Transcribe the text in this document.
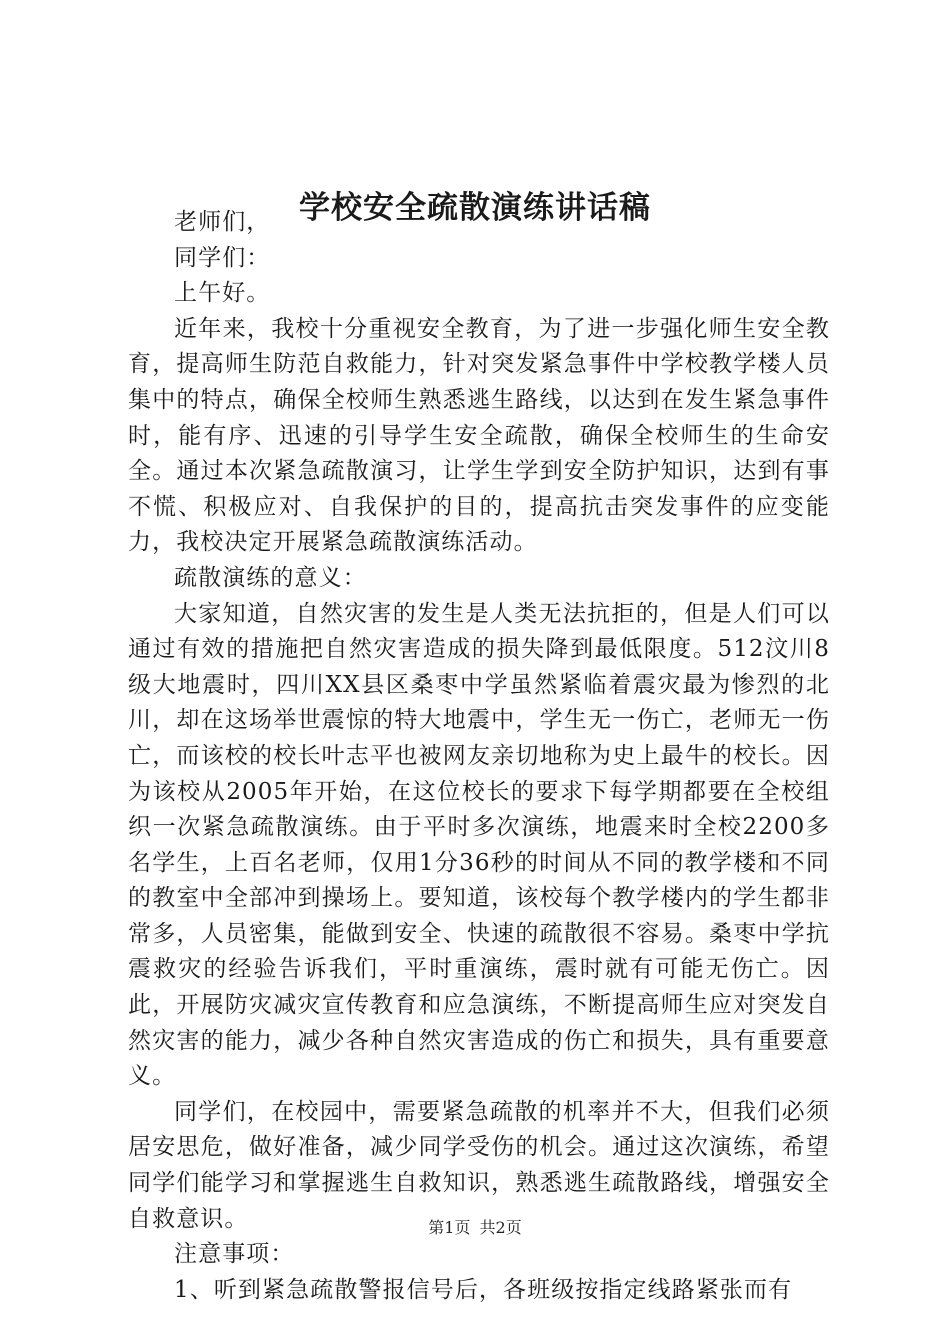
学校安全疏散演练讲话稿

老师们，

同学们：

上午好。

近年来，我校十分重视安全教育，为了进一步强化师生安全教育，提高师生防范自救能力，针对突发紧急事件中学校教学楼人员集中的特点，确保全校师生熟悉逃生路线，以达到在发生紧急事件时，能有序、迅速的引导学生安全疏散，确保全校师生的生命安全。通过本次紧急疏散演习，让学生学到安全防护知识，达到有事不慌、积极应对、自我保护的目的，提高抗击突发事件的应变能力，我校决定开展紧急疏散演练活动。

疏散演练的意义：

大家知道，自然灾害的发生是人类无法抗拒的，但是人们可以通过有效的措施把自然灾害造成的损失降到最低限度。512汶川8级大地震时，四川XX县区桑枣中学虽然紧临着震灾最为惨烈的北川，却在这场举世震惊的特大地震中，学生无一伤亡，老师无一伤亡，而该校的校长叶志平也被网友亲切地称为史上最牛的校长。因为该校从2005年开始，在这位校长的要求下每学期都要在全校组织一次紧急疏散演练。由于平时多次演练，地震来时全校2200多名学生，上百名老师，仅用1分36秒的时间从不同的教学楼和不同的教室中全部冲到操场上。要知道，该校每个教学楼内的学生都非常多，人员密集，能做到安全、快速的疏散很不容易。桑枣中学抗震救灾的经验告诉我们，平时重演练，震时就有可能无伤亡。因此，开展防灾减灾宣传教育和应急演练，不断提高师生应对突发自然灾害的能力，减少各种自然灾害造成的伤亡和损失，具有重要意义。

同学们，在校园中，需要紧急疏散的机率并不大，但我们必须居安思危，做好准备，减少同学受伤的机会。通过这次演练，希望同学们能学习和掌握逃生自救知识，熟悉逃生疏散路线，增强安全自救意识。

注意事项：

1、听到紧急疏散警报信号后，各班级按指定线路紧张而有

第1页 共2页
